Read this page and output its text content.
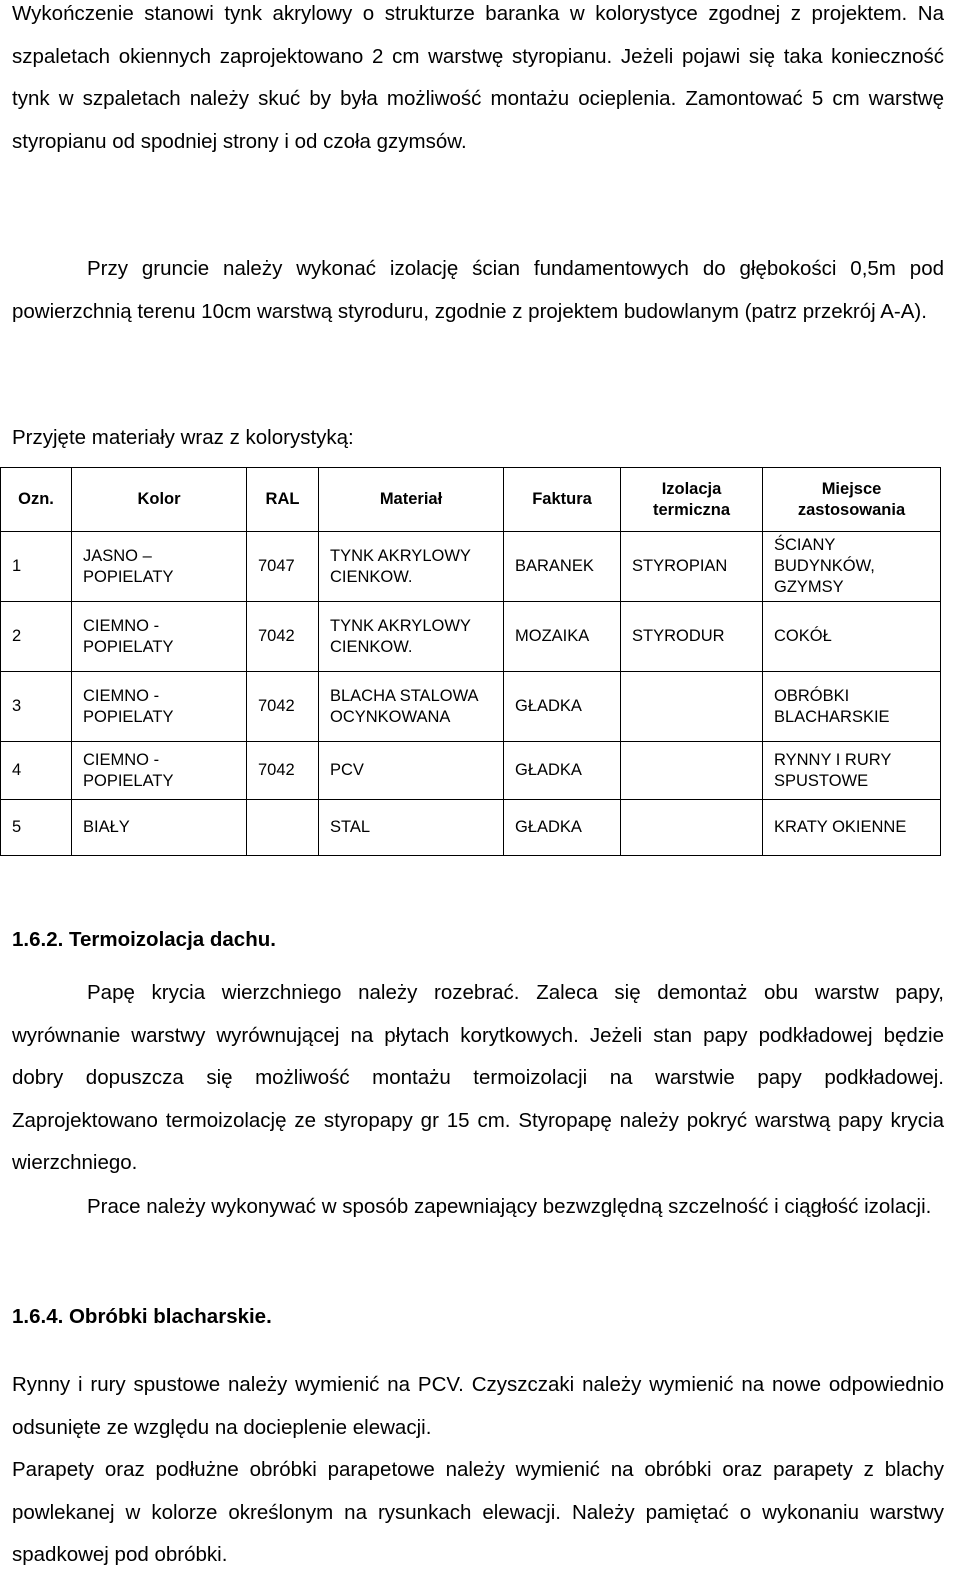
Wykończenie stanowi tynk akrylowy o strukturze baranka w kolorystyce zgodnej z projektem. Na szpaletach okiennych zaprojektowano 2 cm warstwę styropianu. Jeżeli pojawi się taka konieczność tynk w szpaletach należy skuć by była możliwość montażu ocieplenia. Zamontować 5 cm warstwę styropianu od spodniej strony i od czoła gzymsów.

Przy gruncie należy wykonać izolację ścian fundamentowych do głębokości 0,5m pod powierzchnią terenu 10cm warstwą styroduru, zgodnie z projektem budowlanym (patrz przekrój A-A).

Przyjęte materiały wraz z kolorystyką:

Ozn.	Kolor	RAL	Materiał	Faktura	Izolacja termiczna	Miejsce zastosowania
1	JASNO – POPIELATY	7047	TYNK AKRYLOWY CIENKOW.	BARANEK	STYROPIAN	ŚCIANY BUDYNKÓW, GZYMSY
2	CIEMNO - POPIELATY	7042	TYNK AKRYLOWY CIENKOW.	MOZAIKA	STYRODUR	COKÓŁ
3	CIEMNO - POPIELATY	7042	BLACHA STALOWA OCYNKOWANA	GŁADKA		OBRÓBKI BLACHARSKIE
4	CIEMNO - POPIELATY	7042	PCV	GŁADKA		RYNNY I RURY SPUSTOWE
5	BIAŁY		STAL	GŁADKA		KRATY OKIENNE

1.6.2. Termoizolacja dachu.

Papę krycia wierzchniego należy rozebrać. Zaleca się demontaż obu warstw papy, wyrównanie warstwy wyrównującej na płytach korytkowych. Jeżeli stan papy podkładowej będzie dobry dopuszcza się możliwość montażu termoizolacji na warstwie papy podkładowej. Zaprojektowano termoizolację ze styropapy gr 15 cm. Styropapę należy pokryć warstwą papy krycia wierzchniego.

Prace należy wykonywać w sposób zapewniający bezwzględną szczelność i ciągłość izolacji.

1.6.4. Obróbki blacharskie.

Rynny i rury spustowe należy wymienić na PCV. Czyszczaki należy wymienić na nowe odpowiednio odsunięte ze względu na docieplenie elewacji.

Parapety oraz podłużne obróbki parapetowe należy wymienić na obróbki oraz parapety z blachy powlekanej w kolorze określonym na rysunkach elewacji. Należy pamiętać o wykonaniu warstwy spadkowej pod obróbki.
